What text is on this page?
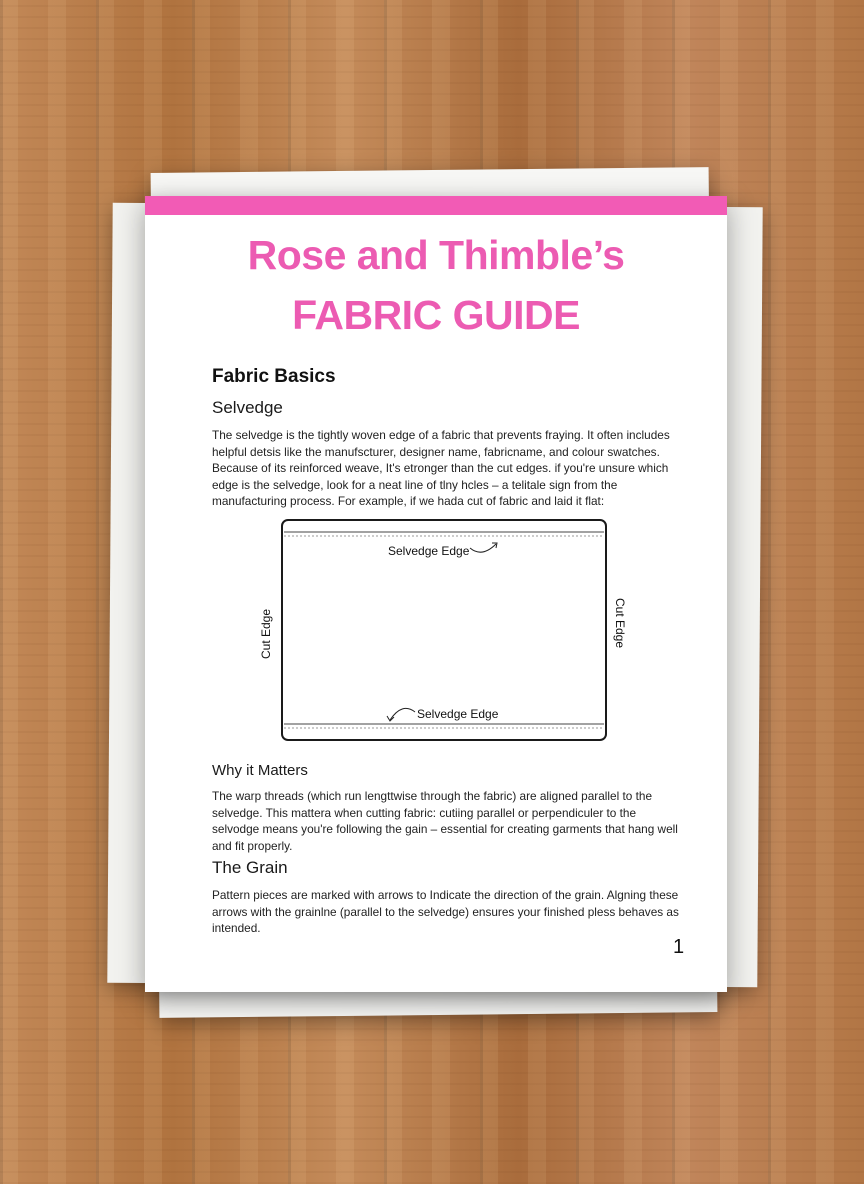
Rose and Thimble’s
FABRIC GUIDE
Fabric Basics
Selvedge
The selvedge is the tightly woven edge of a fabric that prevents fraying. It often includes helpful detsis like the manufscturer, designer name, fabricname, and colour swatches. Because of its reinforced weave, It's etronger than the cut edges. if you're unsure which edge is the selvedge, look for a neat line of tlny hcles – a telitale sign from the manufacturing process. For example, if we hada cut of fabric and laid it flat:
Selvedge Edge
Selvedge Edge
Cut Edge	Cut Edge
Why it Matters
The warp threads (which run lengttwise through the fabric) are aligned parallel to the selvedge. This mattera when cutting fabric: cutiing parallel or perpendiculer to the selvodge means you're following the gain – essential for creating garments that hang well and fit properly.
The Grain
Pattern pieces are marked with arrows to Indicate the direction of the grain. Algning these arrows with the grainlne (parallel to the selvedge) ensures your finished pless behaves as intended.
1
